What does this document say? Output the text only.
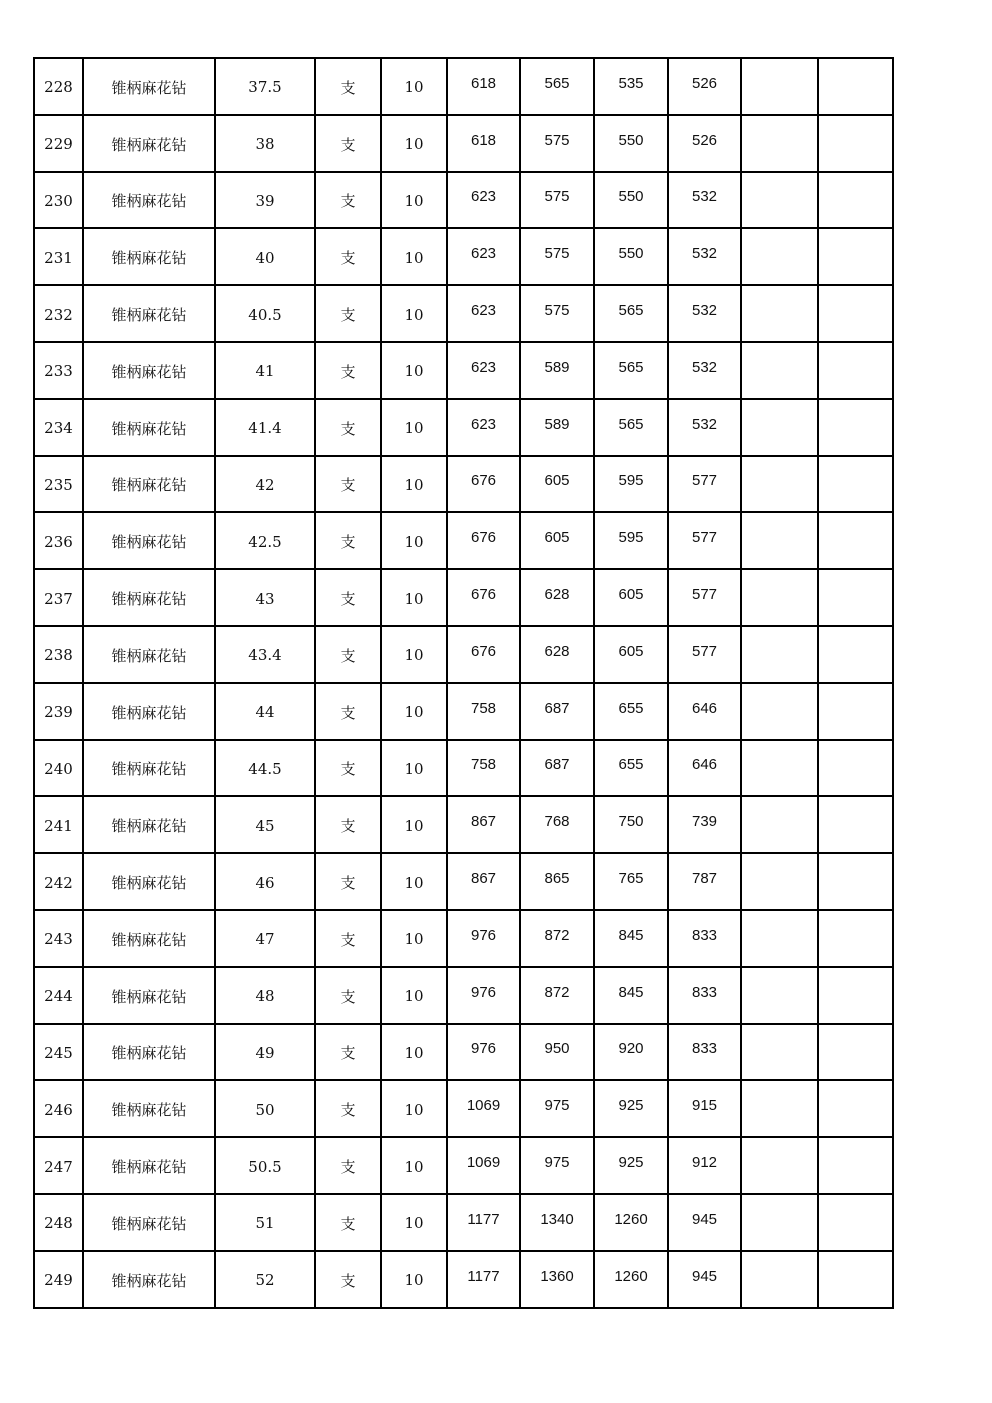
228	锥柄麻花钻	37.5	支	10	618	565	535	526		
229	锥柄麻花钻	38	支	10	618	575	550	526		
230	锥柄麻花钻	39	支	10	623	575	550	532		
231	锥柄麻花钻	40	支	10	623	575	550	532		
232	锥柄麻花钻	40.5	支	10	623	575	565	532		
233	锥柄麻花钻	41	支	10	623	589	565	532		
234	锥柄麻花钻	41.4	支	10	623	589	565	532		
235	锥柄麻花钻	42	支	10	676	605	595	577		
236	锥柄麻花钻	42.5	支	10	676	605	595	577		
237	锥柄麻花钻	43	支	10	676	628	605	577		
238	锥柄麻花钻	43.4	支	10	676	628	605	577		
239	锥柄麻花钻	44	支	10	758	687	655	646		
240	锥柄麻花钻	44.5	支	10	758	687	655	646		
241	锥柄麻花钻	45	支	10	867	768	750	739		
242	锥柄麻花钻	46	支	10	867	865	765	787		
243	锥柄麻花钻	47	支	10	976	872	845	833		
244	锥柄麻花钻	48	支	10	976	872	845	833		
245	锥柄麻花钻	49	支	10	976	950	920	833		
246	锥柄麻花钻	50	支	10	1069	975	925	915		
247	锥柄麻花钻	50.5	支	10	1069	975	925	912		
248	锥柄麻花钻	51	支	10	1177	1340	1260	945		
249	锥柄麻花钻	52	支	10	1177	1360	1260	945		
